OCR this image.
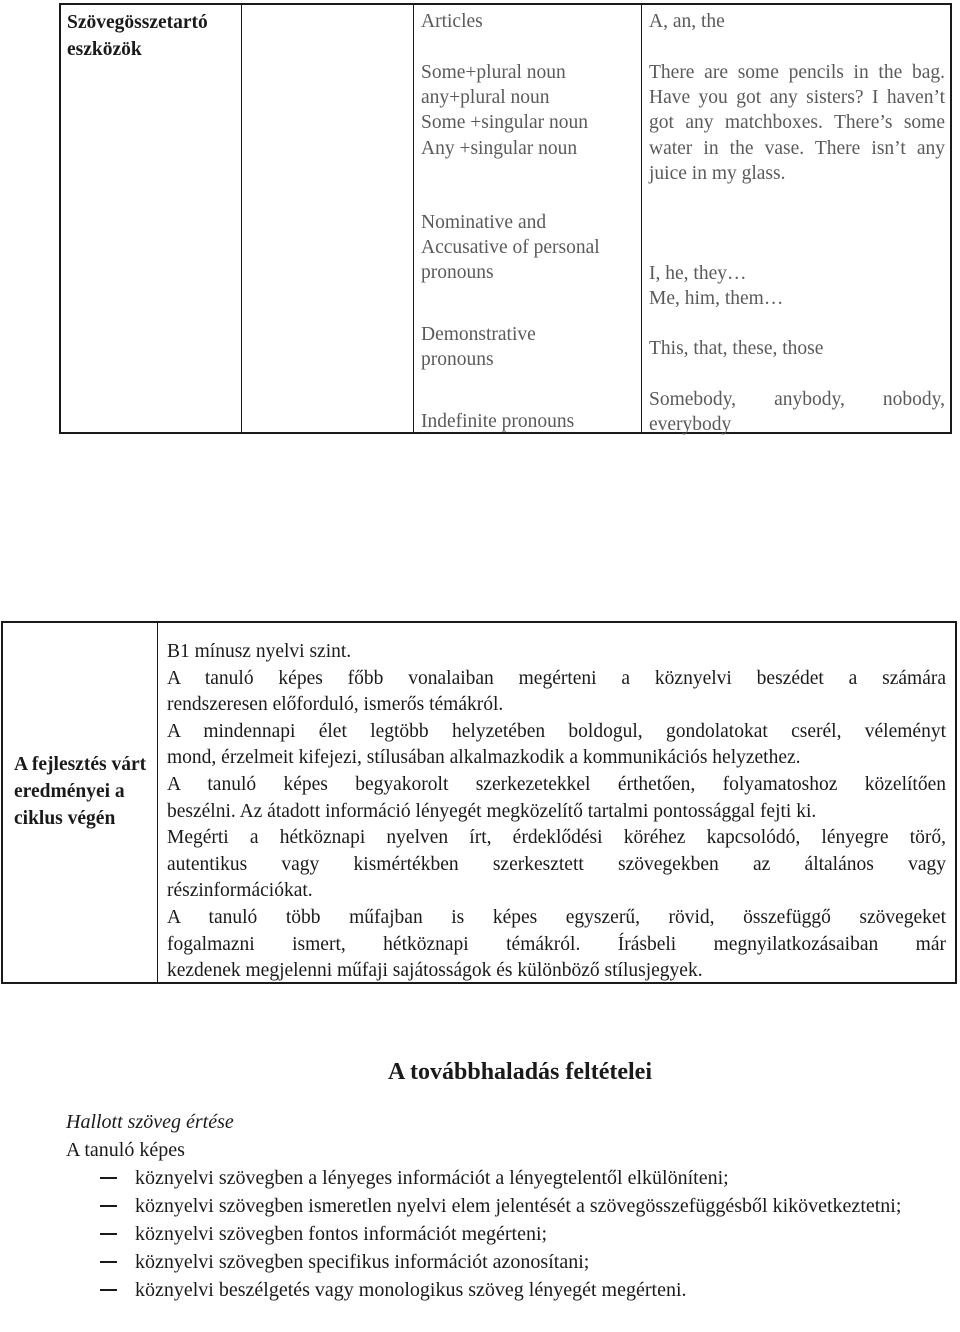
Szövegösszetartó eszközök
Articles
Some+plural noun
any+plural noun
Some +singular noun
Any +singular noun
Nominative and
Accusative of personal
pronouns
Demonstrative
pronouns
Indefinite pronouns
A, an, the
There are some pencils in the bag. Have you got any sisters? I haven’t got any matchboxes. There’s some water in the vase. There isn’t any juice in my glass.
I, he, they…
Me, him, them…
This, that, these, those
Somebody, anybody, nobody, everybody
A fejlesztés várt eredményei a ciklus végén
B1 mínusz nyelvi szint.
A tanuló képes főbb vonalaiban megérteni a köznyelvi beszédet a számára
rendszeresen előforduló, ismerős témákról.
A mindennapi élet legtöbb helyzetében boldogul, gondolatokat cserél, véleményt
mond, érzelmeit kifejezi, stílusában alkalmazkodik a kommunikációs helyzethez.
A tanuló képes begyakorolt szerkezetekkel érthetően, folyamatoshoz közelítően
beszélni. Az átadott információ lényegét megközelítő tartalmi pontossággal fejti ki.
Megérti a hétköznapi nyelven írt, érdeklődési köréhez kapcsolódó, lényegre törő,
autentikus vagy kismértékben szerkesztett szövegekben az általános vagy
részinformációkat.
A tanuló több műfajban is képes egyszerű, rövid, összefüggő szövegeket
fogalmazni ismert, hétköznapi témákról. Írásbeli megnyilatkozásaiban már
kezdenek megjelenni műfaji sajátosságok és különböző stílusjegyek.
A továbbhaladás feltételei
Hallott szöveg értése
A tanuló képes
köznyelvi szövegben a lényeges információt a lényegtelentől elkülöníteni;
köznyelvi szövegben ismeretlen nyelvi elem jelentését a szövegösszefüggésből kikövetkeztetni;
köznyelvi szövegben fontos információt megérteni;
köznyelvi szövegben specifikus információt azonosítani;
köznyelvi beszélgetés vagy monologikus szöveg lényegét megérteni.
